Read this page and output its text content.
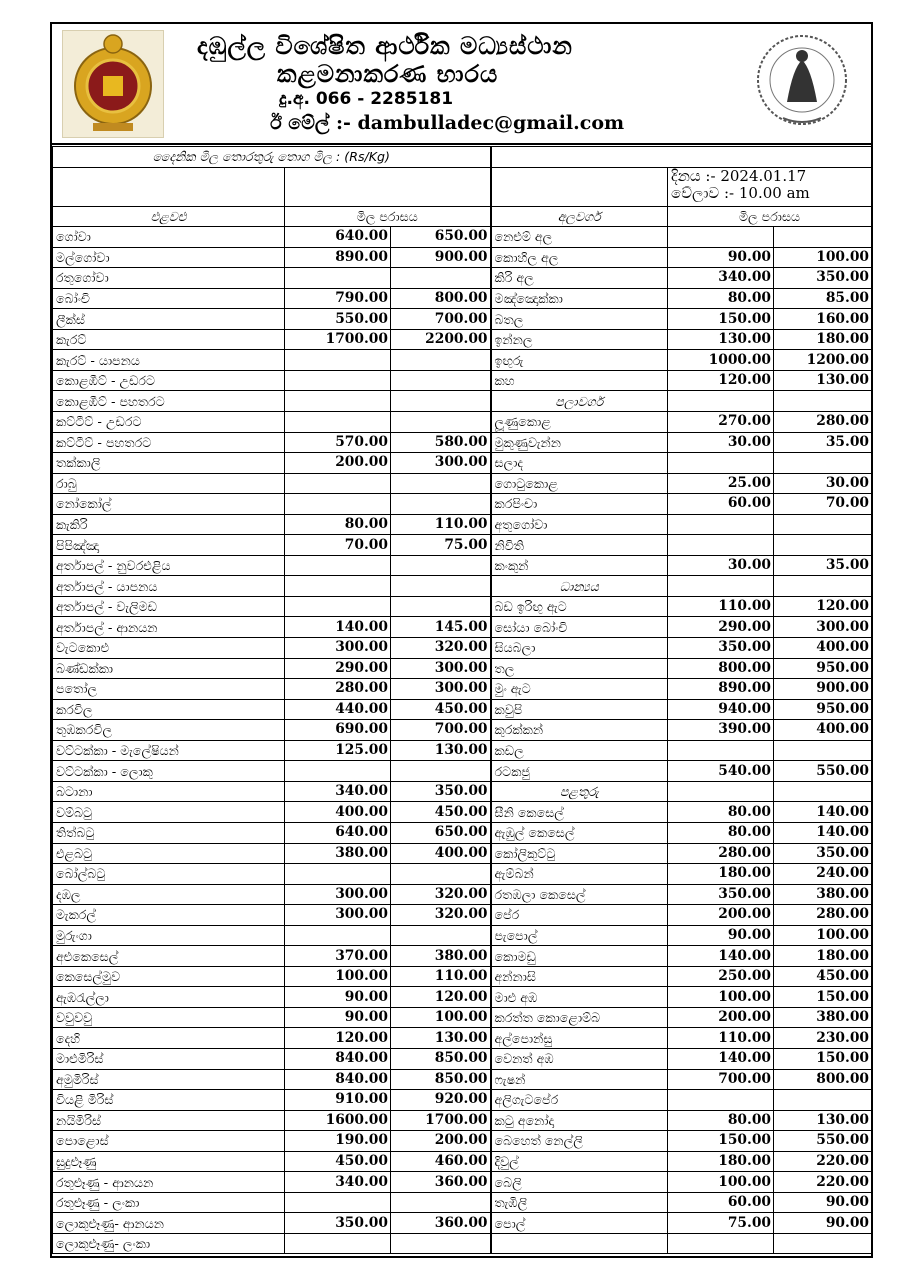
දඹුල්ල විශේෂිත ආර්ථික මධ්‍යස්ථාන
කළමනාකරණ භාරය
දු.අ. 066 - 2285181
ඊ මේල් :- dambulladec@gmail.com
දෛනික මිල තොරතුරු තොග මිල : (Rs/Kg)					

				දිනය :- 2024.01.17
වේලාව :- 10.00 am	

එළවළු	මිල පරාසය		අලවර්ග	මිල පරාසය	
ගෝවා	640.00	650.00	නෙළුම් අල		
මල්ගෝවා	890.00	900.00	කොහිල අල	90.00	100.00
රතුගෝවා			කිරි අල	340.00	350.00
බෝංචි	790.00	800.00	මඤ්ඤොක්කා	80.00	85.00
ලීක්ස්	550.00	700.00	බතල	150.00	160.00
කැරට්	1700.00	2200.00	ඉන්නල	130.00	180.00
කැරට් - යාපනය			ඉඟුරු	1000.00	1200.00
කොළඹීට් - උඩරට			කහ	120.00	130.00
කොළඹීට් - පහතරට			පලාවර්ග		
කට්ටීට් - උඩරට			ලූණුකොළ	270.00	280.00
කට්ටීට් - පහතරට	570.00	580.00	මුකුණුවැන්න	30.00	35.00
තක්කාලි	200.00	300.00	සලාද		
රාබු			ගොටුකොළ	25.00	30.00
නෝකෝල්			කරපිංචා	60.00	70.00
කැකිරි	80.00	110.00	අතුගෝවා		
පිපිඤ්ඤා	70.00	75.00	නිවිති		
අර්තාපල් - නුවරඑළිය			කංකුන්	30.00	35.00
අර්තාපල් - යාපනය			ධාන්‍යය		
අර්තාපල් - වැලිමඩ			බඩ ඉරිඟු ඇට	110.00	120.00
අර්තාපල් - ආනයන	140.00	145.00	සෝයා බෝංචි	290.00	300.00
වැටකොළු	300.00	320.00	සියබලා	350.00	400.00
බණ්ඩක්කා	290.00	300.00	තල	800.00	950.00
පතෝල	280.00	300.00	මුං ඇට	890.00	900.00
කරවිල	440.00	450.00	කවුපි	940.00	950.00
තුඹකරවිල	690.00	700.00	කුරක්කන්	390.00	400.00
වට්ටක්කා - මැලේෂියන්	125.00	130.00	කඩල		
වට්ටක්කා - ලොකු			රටකජු	540.00	550.00
බටානා	340.00	350.00	පළතුරු		
වම්බටු	400.00	450.00	සීනි කෙසෙල්	80.00	140.00
තිත්බටු	640.00	650.00	ඇඹුල් කෙසෙල්	80.00	140.00
එළබටු	380.00	400.00	කෝලිකුට්ටු	280.00	350.00
බෝල්බටු			ඇම්බන්	180.00	240.00
දඹල	300.00	320.00	රතඹලා කෙසෙල්	350.00	380.00
මැකරල්	300.00	320.00	පේර	200.00	280.00
මුරුංගා			පැපොල්	90.00	100.00
අළුකෙසෙල්	370.00	380.00	කොමඩු	140.00	180.00
කෙසෙල්මුව	100.00	110.00	අන්නාසි	250.00	450.00
ඇඹරැල්ලා	90.00	120.00	මාළු අඹ	100.00	150.00
වවුවවු	90.00	100.00	කරත්ත කොළොම්බ	200.00	380.00
දෙහි	120.00	130.00	අල්පොන්සු	110.00	230.00
මාළුමිරිස්	840.00	850.00	වෙනත් අඹ	140.00	150.00
අමුමිරිස්	840.00	850.00	ෆැෂන්	700.00	800.00
වියළි මිරිස්	910.00	920.00	අලිගැටපේර		
නයිමිරිස්	1600.00	1700.00	කටු අනෝදා	80.00	130.00
පොළොස්	190.00	200.00	බෙහෙත් නෙල්ලි	150.00	550.00
සුදුළූණු	450.00	460.00	දිවුල්	180.00	220.00
රතුළූණු - ආනයන	340.00	360.00	බෙලි	100.00	220.00
රතුළූණු - ලංකා			තැඹිලි	60.00	90.00
ලොකුළූණු- ආනයන	350.00	360.00	පොල්	75.00	90.00
ලොකුළූණු- ලංකා					
